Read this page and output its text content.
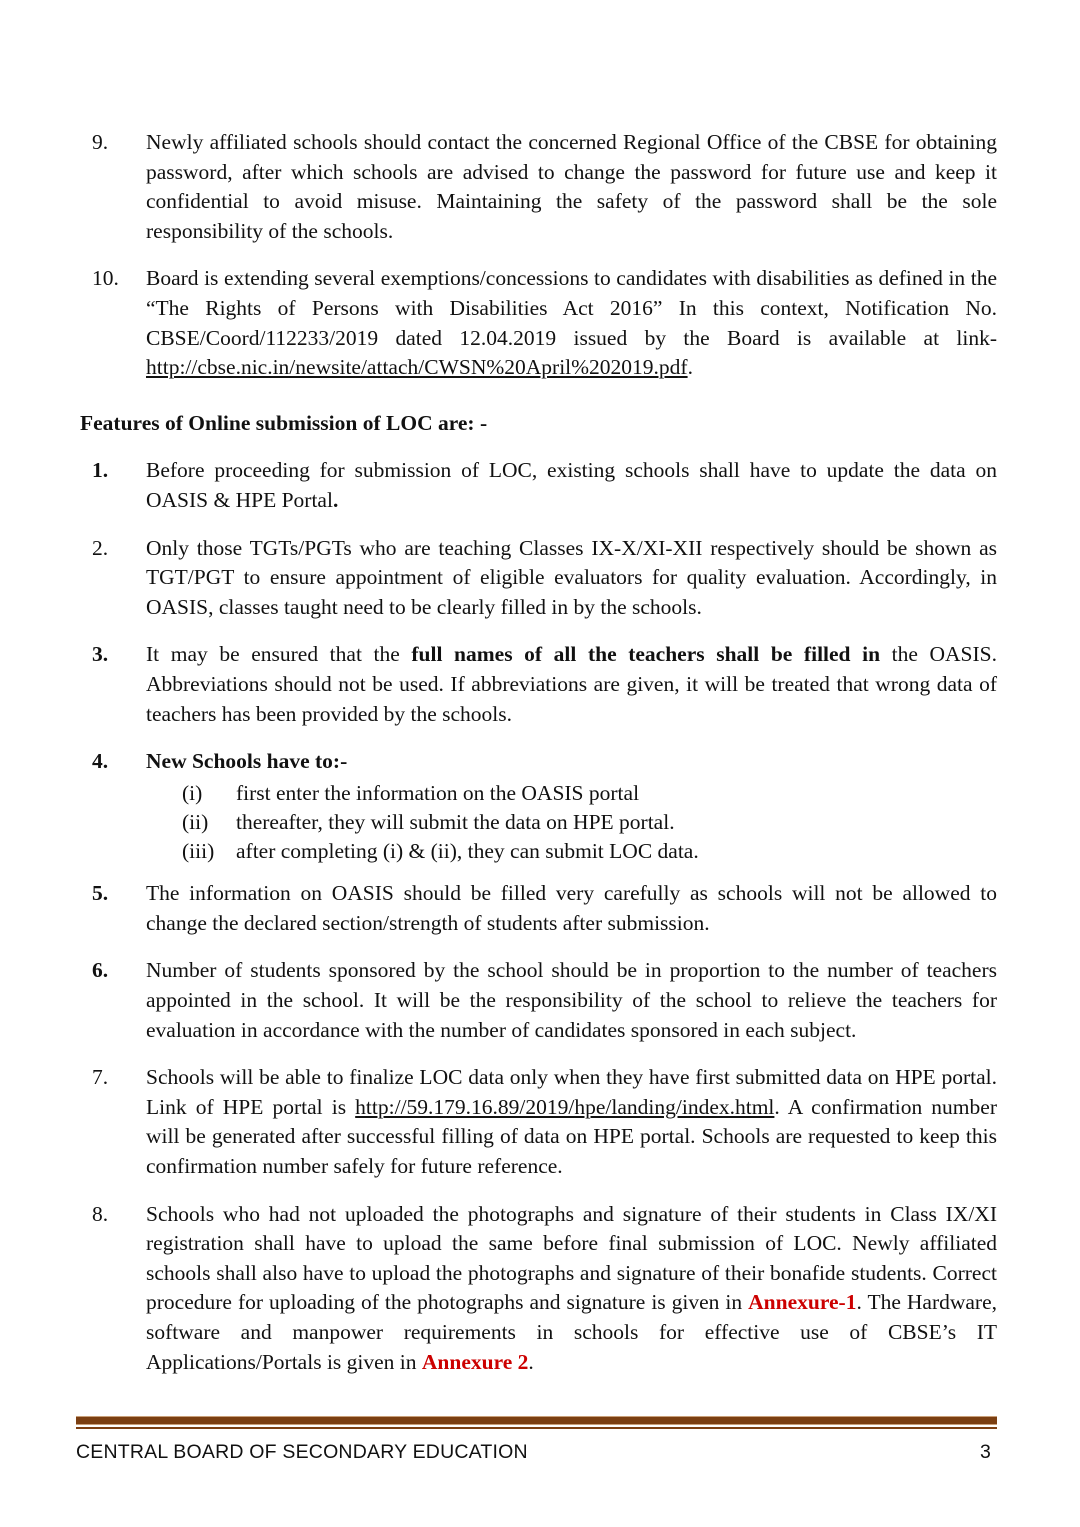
9.	Newly affiliated schools should contact the concerned Regional Office of the CBSE for obtaining password, after which schools are advised to change the password for future use and keep it confidential to avoid misuse. Maintaining the safety of the password shall be the sole responsibility of the schools.
10.	Board is extending several exemptions/concessions to candidates with disabilities as defined in the “The Rights of Persons with Disabilities Act 2016” In this context, Notification No. CBSE/Coord/112233/2019 dated 12.04.2019 issued by the Board is available at link-http://cbse.nic.in/newsite/attach/CWSN%20April%202019.pdf.
Features of Online submission of LOC are: -
1.	Before proceeding for submission of LOC, existing schools shall have to update the data on OASIS & HPE Portal.
2.	Only those TGTs/PGTs who are teaching Classes IX-X/XI-XII respectively should be shown as TGT/PGT to ensure appointment of eligible evaluators for quality evaluation. Accordingly, in OASIS, classes taught need to be clearly filled in by the schools.
3.	It may be ensured that the full names of all the teachers shall be filled in the OASIS. Abbreviations should not be used. If abbreviations are given, it will be treated that wrong data of teachers has been provided by the schools.
4.	New Schools have to:-
(i)	first enter the information on the OASIS portal
(ii)	thereafter, they will submit the data on HPE portal.
(iii)	after completing (i) & (ii), they can submit LOC data.
5.	The information on OASIS should be filled very carefully as schools will not be allowed to change the declared section/strength of students after submission.
6.	Number of students sponsored by the school should be in proportion to the number of teachers appointed in the school. It will be the responsibility of the school to relieve the teachers for evaluation in accordance with the number of candidates sponsored in each subject.
7.	Schools will be able to finalize LOC data only when they have first submitted data on HPE portal. Link of HPE portal is http://59.179.16.89/2019/hpe/landing/index.html. A confirmation number will be generated after successful filling of data on HPE portal. Schools are requested to keep this confirmation number safely for future reference.
8.	Schools who had not uploaded the photographs and signature of their students in Class IX/XI registration shall have to upload the same before final submission of LOC. Newly affiliated schools shall also have to upload the photographs and signature of their bonafide students. Correct procedure for uploading of the photographs and signature is given in Annexure-1. The Hardware, software and manpower requirements in schools for effective use of CBSE’s IT Applications/Portals is given in Annexure 2.
CENTRAL BOARD OF SECONDARY EDUCATION	3
